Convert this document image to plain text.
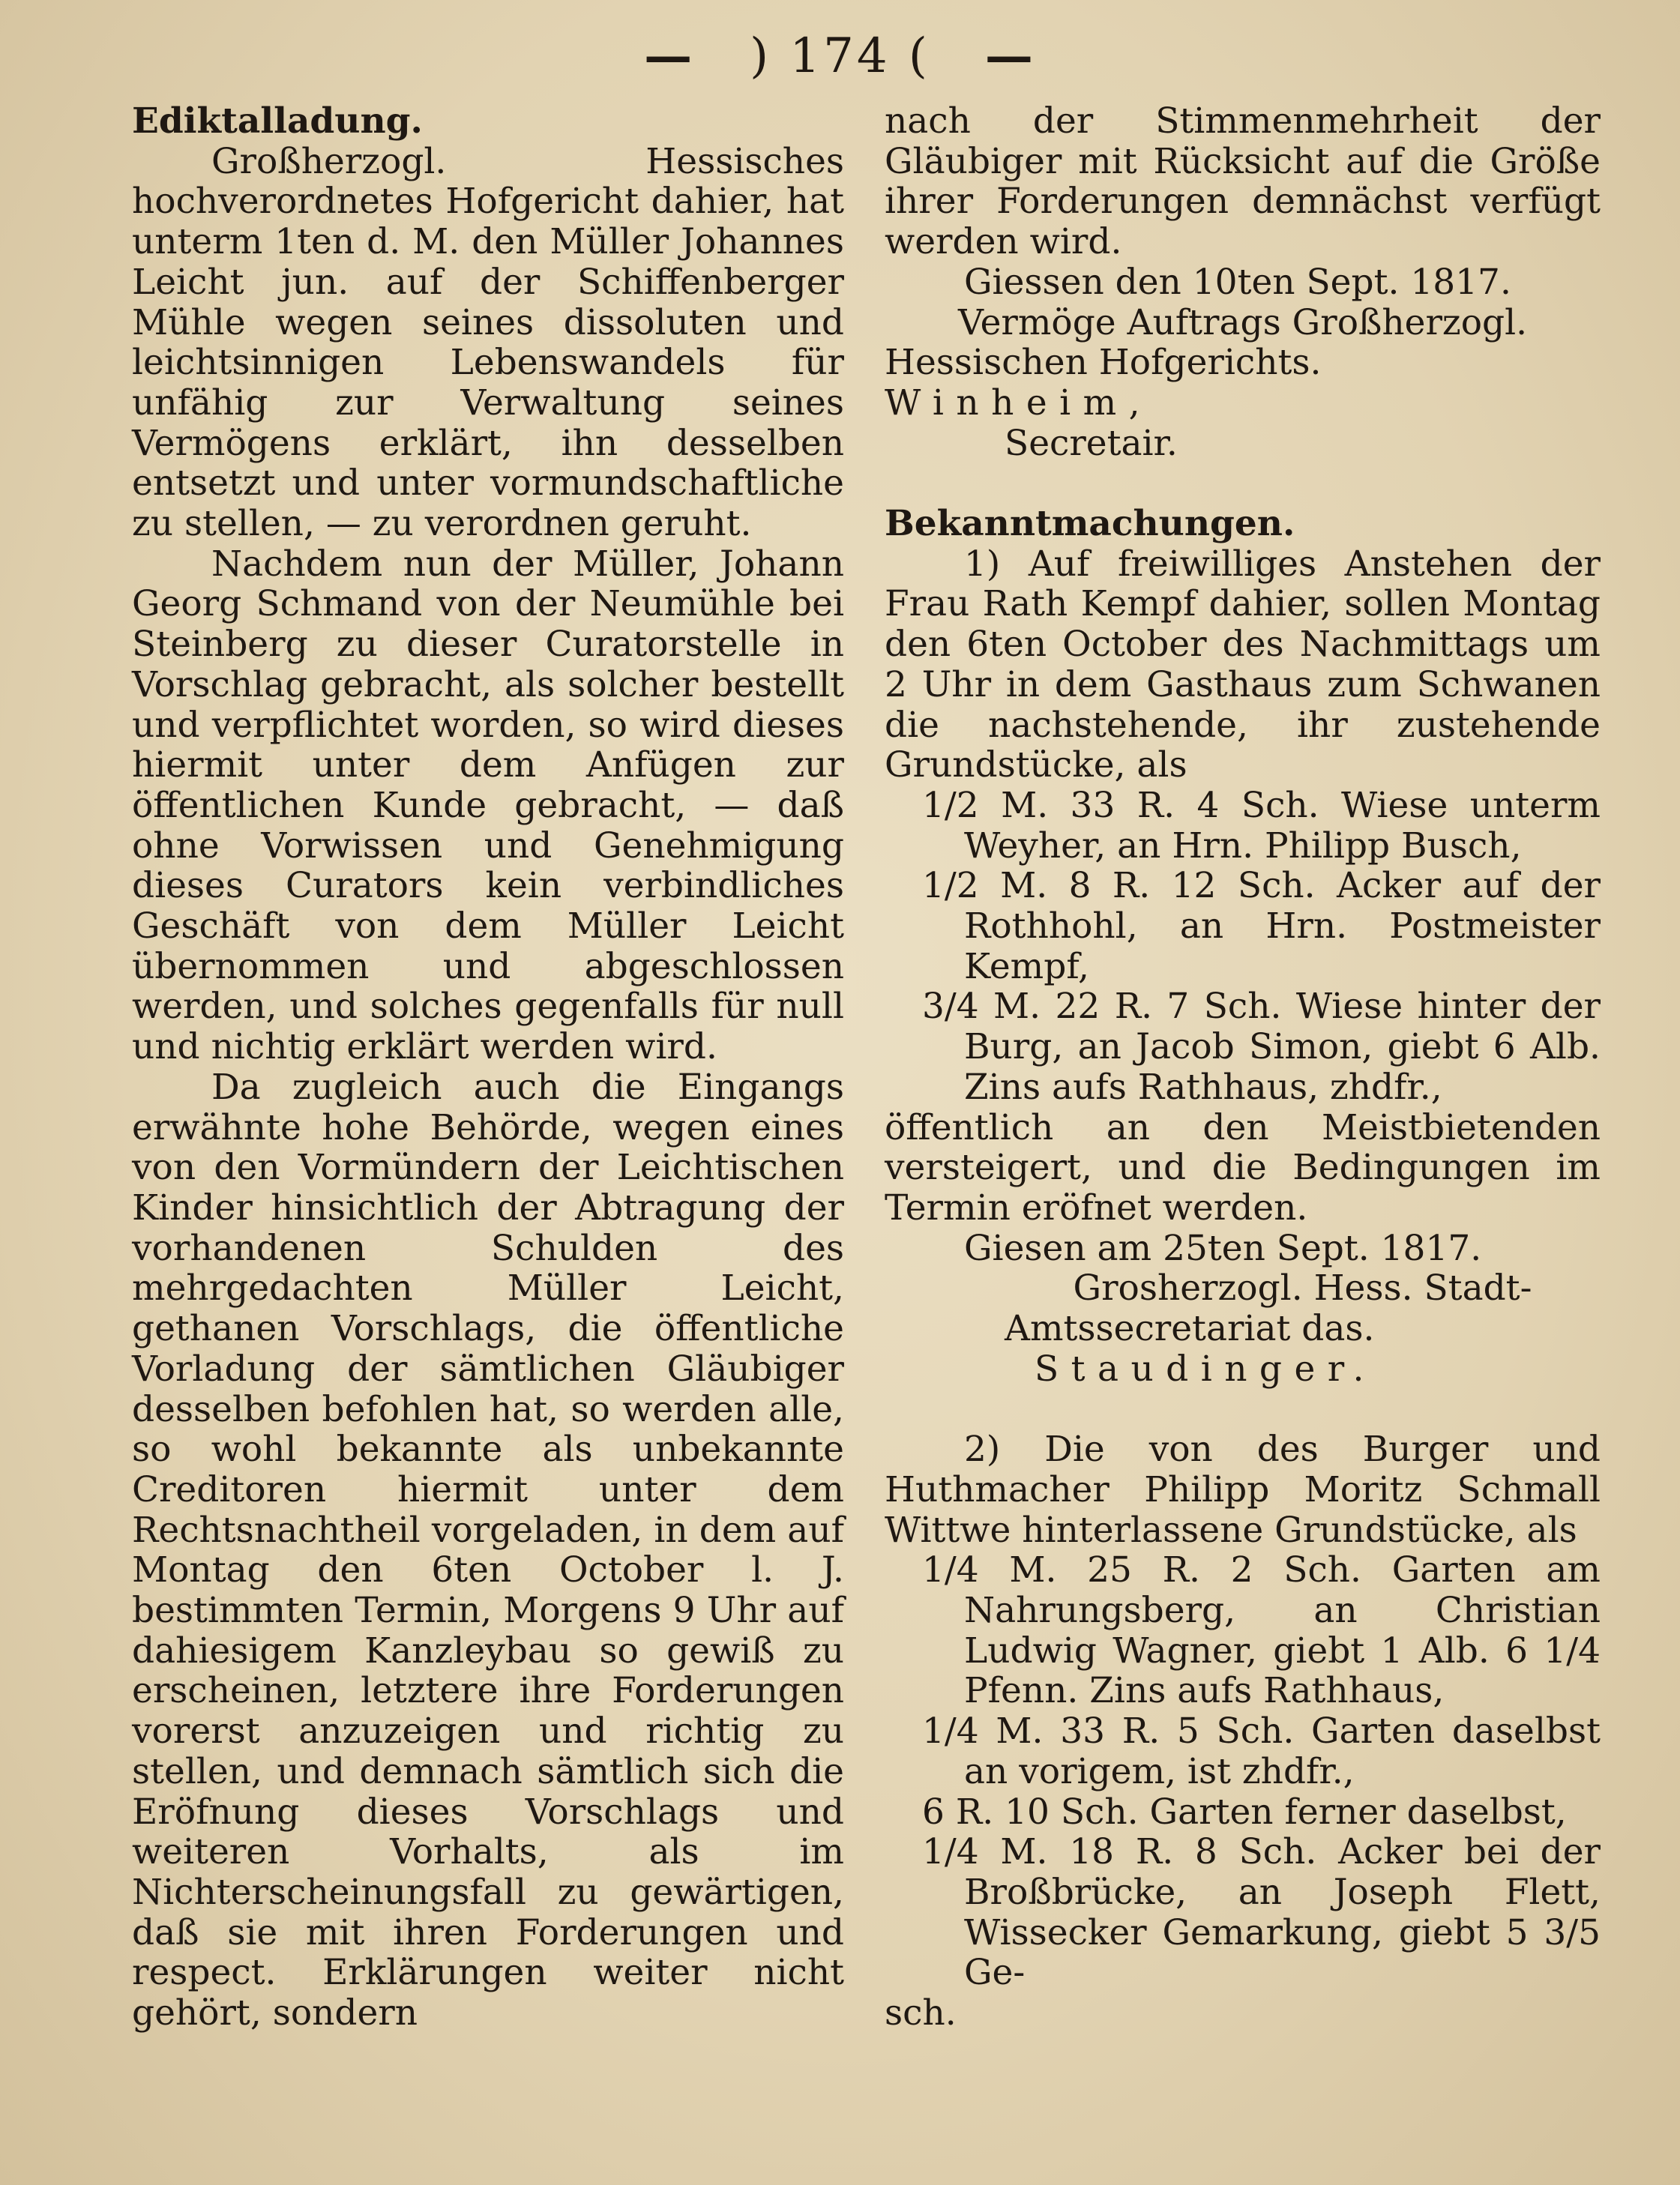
— ) 174 ( —

Ediktalladung.

Großherzogl. Hessisches hochverordnetes Hofgericht dahier, hat unterm 1ten d. M. den Müller Johannes Leicht jun. auf der Schiffenberger Mühle wegen seines dissoluten und leichtsinnigen Lebenswandels für unfähig zur Verwaltung seines Vermögens erklärt, ihn desselben entsetzt und unter vormundschaftliche zu stellen, — zu verordnen geruht.

Nachdem nun der Müller, Johann Georg Schmand von der Neumühle bei Steinberg zu dieser Curatorstelle in Vorschlag gebracht, als solcher bestellt und verpflichtet worden, so wird dieses hiermit unter dem Anfügen zur öffentlichen Kunde gebracht, — daß ohne Vorwissen und Genehmigung dieses Curators kein verbindliches Geschäft von dem Müller Leicht übernommen und abgeschlossen werden, und solches gegenfalls für null und nichtig erklärt werden wird.

Da zugleich auch die Eingangs erwähnte hohe Behörde, wegen eines von den Vormündern der Leichtischen Kinder hinsichtlich der Abtragung der vorhandenen Schulden des mehrgedachten Müller Leicht, gethanen Vorschlags, die öffentliche Vorladung der sämtlichen Gläubiger desselben befohlen hat, so werden alle, so wohl bekannte als unbekannte Creditoren hiermit unter dem Rechtsnachtheil vorgeladen, in dem auf Montag den 6ten October l. J. bestimmten Termin, Morgens 9 Uhr auf dahiesigem Kanzleybau so gewiß zu erscheinen, letztere ihre Forderungen vorerst anzuzeigen und richtig zu stellen, und demnach sämtlich sich die Eröfnung dieses Vorschlags und weiteren Vorhalts, als im Nichterscheinungsfall zu gewärtigen, daß sie mit ihren Forderungen und respect. Erklärungen weiter nicht gehört, sondern

nach der Stimmenmehrheit der Gläubiger mit Rücksicht auf die Größe ihrer Forderungen demnächst verfügt werden wird.

Giessen den 10ten Sept. 1817.

Vermöge Auftrags Großherzogl. Hessischen Hofgerichts.

Winheim,

Secretair.

Bekanntmachungen.

1) Auf freiwilliges Anstehen der Frau Rath Kempf dahier, sollen Montag den 6ten October des Nachmittags um 2 Uhr in dem Gasthaus zum Schwanen die nachstehende, ihr zustehende Grundstücke, als

1/2 M. 33 R. 4 Sch. Wiese unterm Weyher, an Hrn. Philipp Busch,

1/2 M. 8 R. 12 Sch. Acker auf der Rothhohl, an Hrn. Postmeister Kempf,

3/4 M. 22 R. 7 Sch. Wiese hinter der Burg, an Jacob Simon, giebt 6 Alb. Zins aufs Rathhaus, zhdfr.,

öffentlich an den Meistbietenden versteigert, und die Bedingungen im Termin eröfnet werden.

Giesen am 25ten Sept. 1817.

Grosherzogl. Hess. Stadt-Amtssecretariat das.

Staudinger.

2) Die von des Burger und Huthmacher Philipp Moritz Schmall Wittwe hinterlassene Grundstücke, als

1/4 M. 25 R. 2 Sch. Garten am Nahrungsberg, an Christian Ludwig Wagner, giebt 1 Alb. 6 1/4 Pfenn. Zins aufs Rathhaus,

1/4 M. 33 R. 5 Sch. Garten daselbst an vorigem, ist zhdfr.,

6 R. 10 Sch. Garten ferner daselbst,

1/4 M. 18 R. 8 Sch. Acker bei der Broßbrücke, an Joseph Flett, Wissecker Gemarkung, giebt 5 3/5 Ge-

sch.
